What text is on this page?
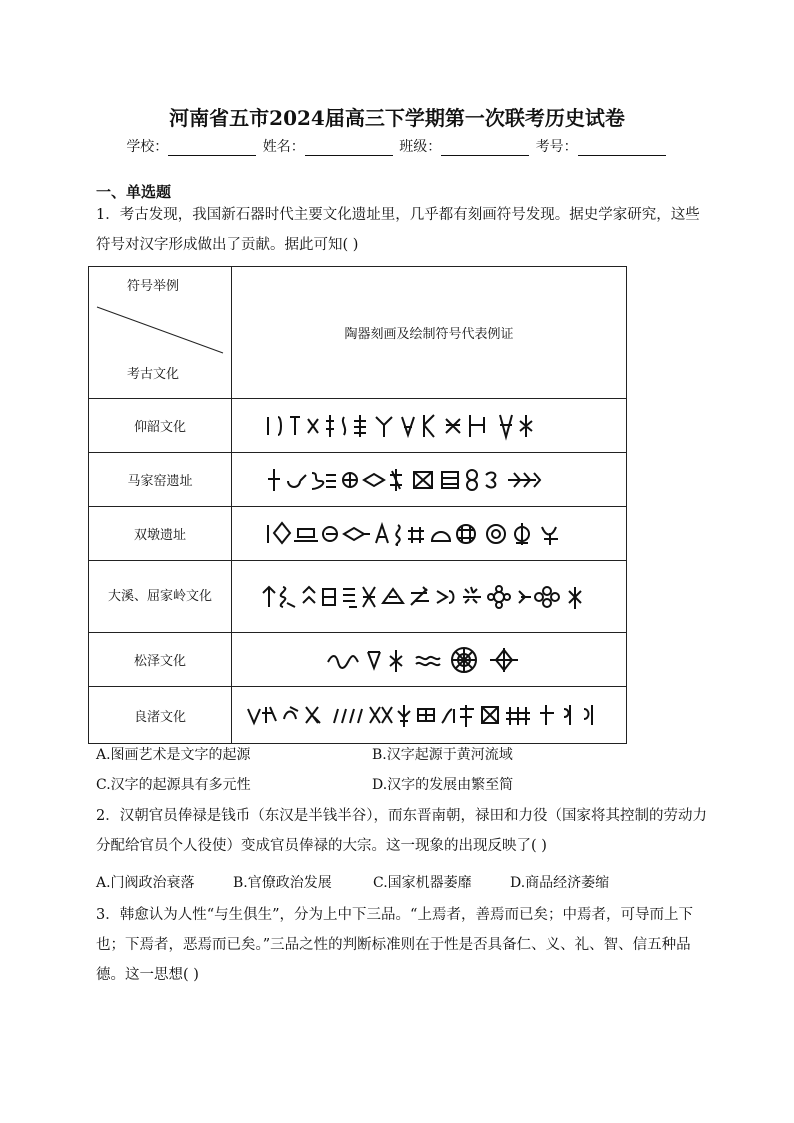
河南省五市2024届高三下学期第一次联考历史试卷
学校：	姓名：	班级：	考号：
一、单选题
1．考古发现，我国新石器时代主要文化遗址里，几乎都有刻画符号发现。据史学家研究，这些符号对汉字形成做出了贡献。据此可知( )
符号举例
考古文化	陶器刻画及绘制符号代表例证
仰韶文化	

马家窑遗址	

双墩遗址	

大溪、屈家岭文化	

松泽文化	

良渚文化	
A.图画艺术是文字的起源	B.汉字起源于黄河流域
C.汉字的起源具有多元性	D.汉字的发展由繁至简
2．汉朝官员俸禄是钱币（东汉是半钱半谷），而东晋南朝，禄田和力役（国家将其控制的劳动力分配给官员个人役使）变成官员俸禄的大宗。这一现象的出现反映了( )
A.门阀政治衰落	B.官僚政治发展	C.国家机器萎靡	D.商品经济萎缩
3．韩愈认为人性“与生俱生”，分为上中下三品。“上焉者，善焉而已矣；中焉者，可导而上下也；下焉者，恶焉而已矣。”三品之性的判断标准则在于性是否具备仁、义、礼、智、信五种品德。这一思想( )
